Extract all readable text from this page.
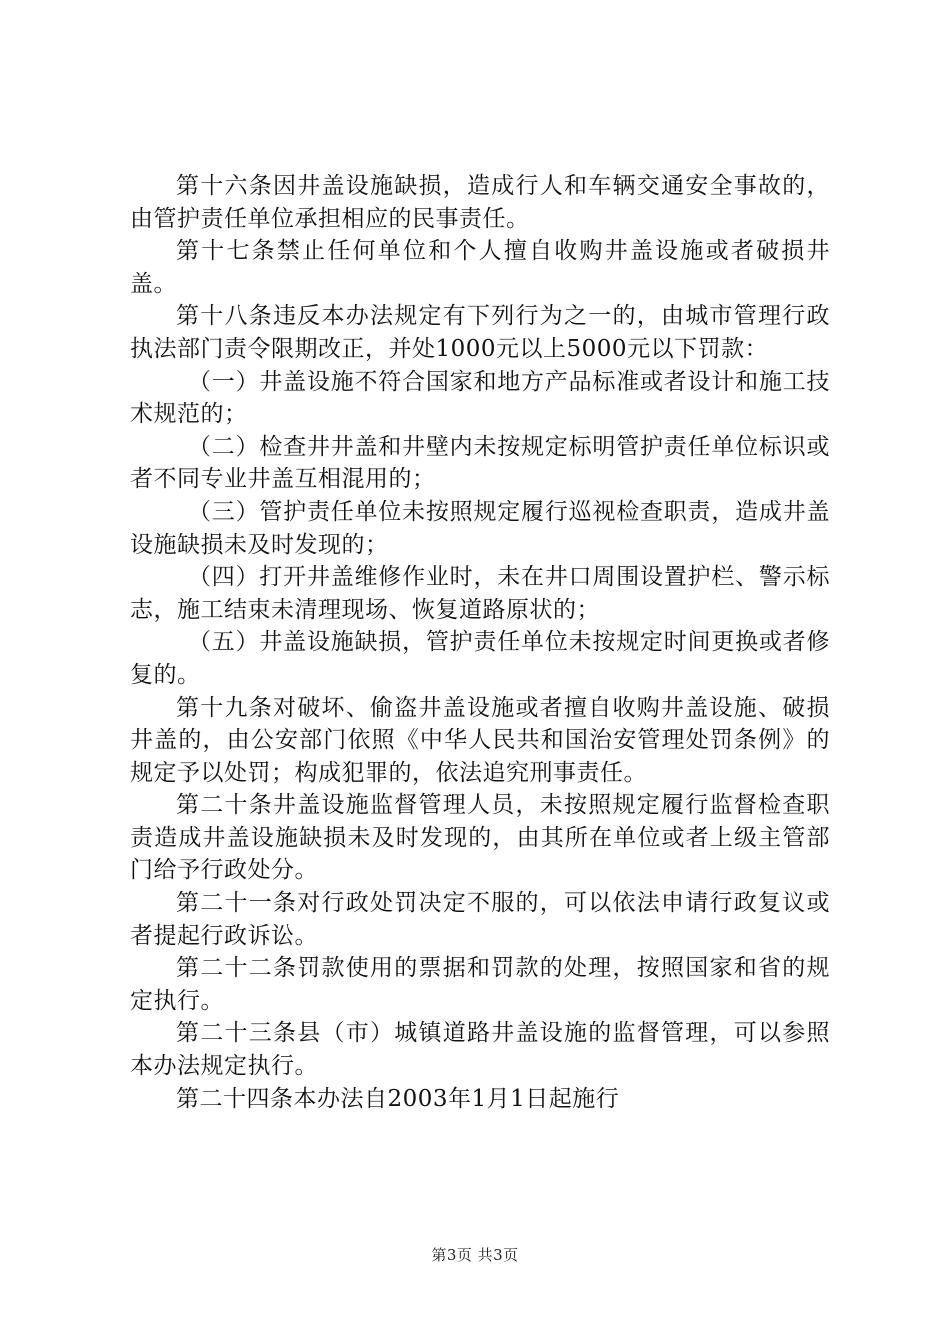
第十六条因井盖设施缺损，造成行人和车辆交通安全事故的，由管护责任单位承担相应的民事责任。

第十七条禁止任何单位和个人擅自收购井盖设施或者破损井盖。

第十八条违反本办法规定有下列行为之一的，由城市管理行政执法部门责令限期改正，并处1000元以上5000元以下罚款：

（一）井盖设施不符合国家和地方产品标准或者设计和施工技术规范的；

（二）检查井井盖和井壁内未按规定标明管护责任单位标识或者不同专业井盖互相混用的；

（三）管护责任单位未按照规定履行巡视检查职责，造成井盖设施缺损未及时发现的；

（四）打开井盖维修作业时，未在井口周围设置护栏、警示标志，施工结束未清理现场、恢复道路原状的；

（五）井盖设施缺损，管护责任单位未按规定时间更换或者修复的。

第十九条对破坏、偷盗井盖设施或者擅自收购井盖设施、破损井盖的，由公安部门依照《中华人民共和国治安管理处罚条例》的规定予以处罚；构成犯罪的，依法追究刑事责任。

第二十条井盖设施监督管理人员，未按照规定履行监督检查职责造成井盖设施缺损未及时发现的，由其所在单位或者上级主管部门给予行政处分。

第二十一条对行政处罚决定不服的，可以依法申请行政复议或者提起行政诉讼。

第二十二条罚款使用的票据和罚款的处理，按照国家和省的规定执行。

第二十三条县（市）城镇道路井盖设施的监督管理，可以参照本办法规定执行。

第二十四条本办法自2003年1月1日起施行

第3页 共3页
